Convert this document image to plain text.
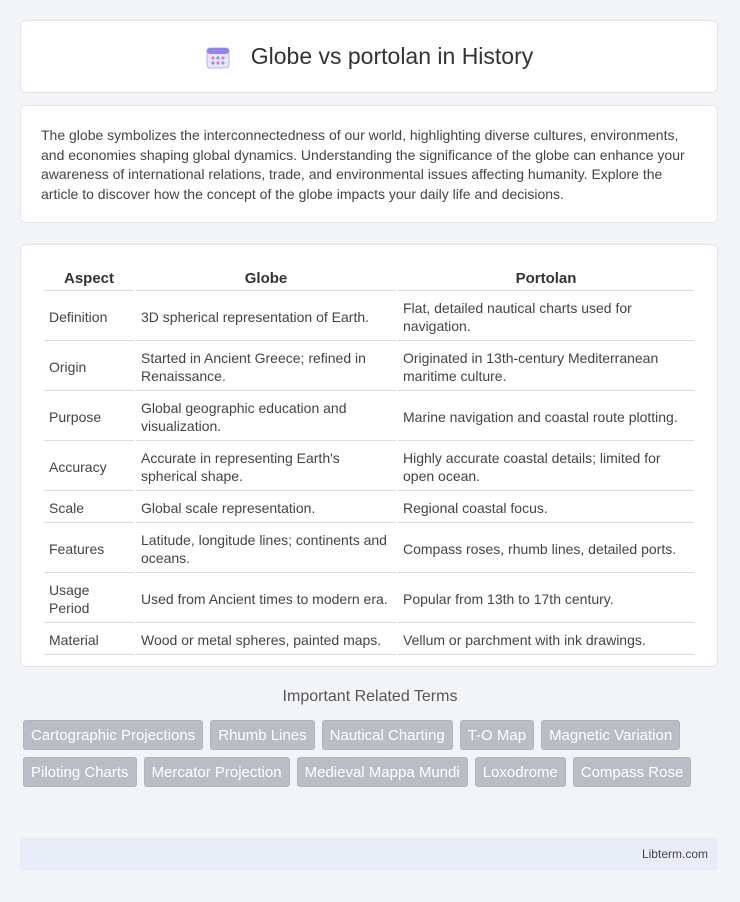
Globe vs portolan in History

The globe symbolizes the interconnectedness of our world, highlighting diverse cultures, environments, and economies shaping global dynamics. Understanding the significance of the globe can enhance your awareness of international relations, trade, and environmental issues affecting humanity. Explore the article to discover how the concept of the globe impacts your daily life and decisions.

Aspect	Globe	Portolan
Definition	3D spherical representation of Earth.	Flat, detailed nautical charts used for navigation.
Origin	Started in Ancient Greece; refined in Renaissance.	Originated in 13th-century Mediterranean maritime culture.
Purpose	Global geographic education and visualization.	Marine navigation and coastal route plotting.
Accuracy	Accurate in representing Earth's spherical shape.	Highly accurate coastal details; limited for open ocean.
Scale	Global scale representation.	Regional coastal focus.
Features	Latitude, longitude lines; continents and oceans.	Compass roses, rhumb lines, detailed ports.
Usage Period	Used from Ancient times to modern era.	Popular from 13th to 17th century.
Material	Wood or metal spheres, painted maps.	Vellum or parchment with ink drawings.
Important Related Terms
Cartographic Projections	Rhumb Lines	Nautical Charting	T-O Map	Magnetic Variation
Piloting Charts	Mercator Projection	Medieval Mappa Mundi	Loxodrome	Compass Rose
Libterm.com
